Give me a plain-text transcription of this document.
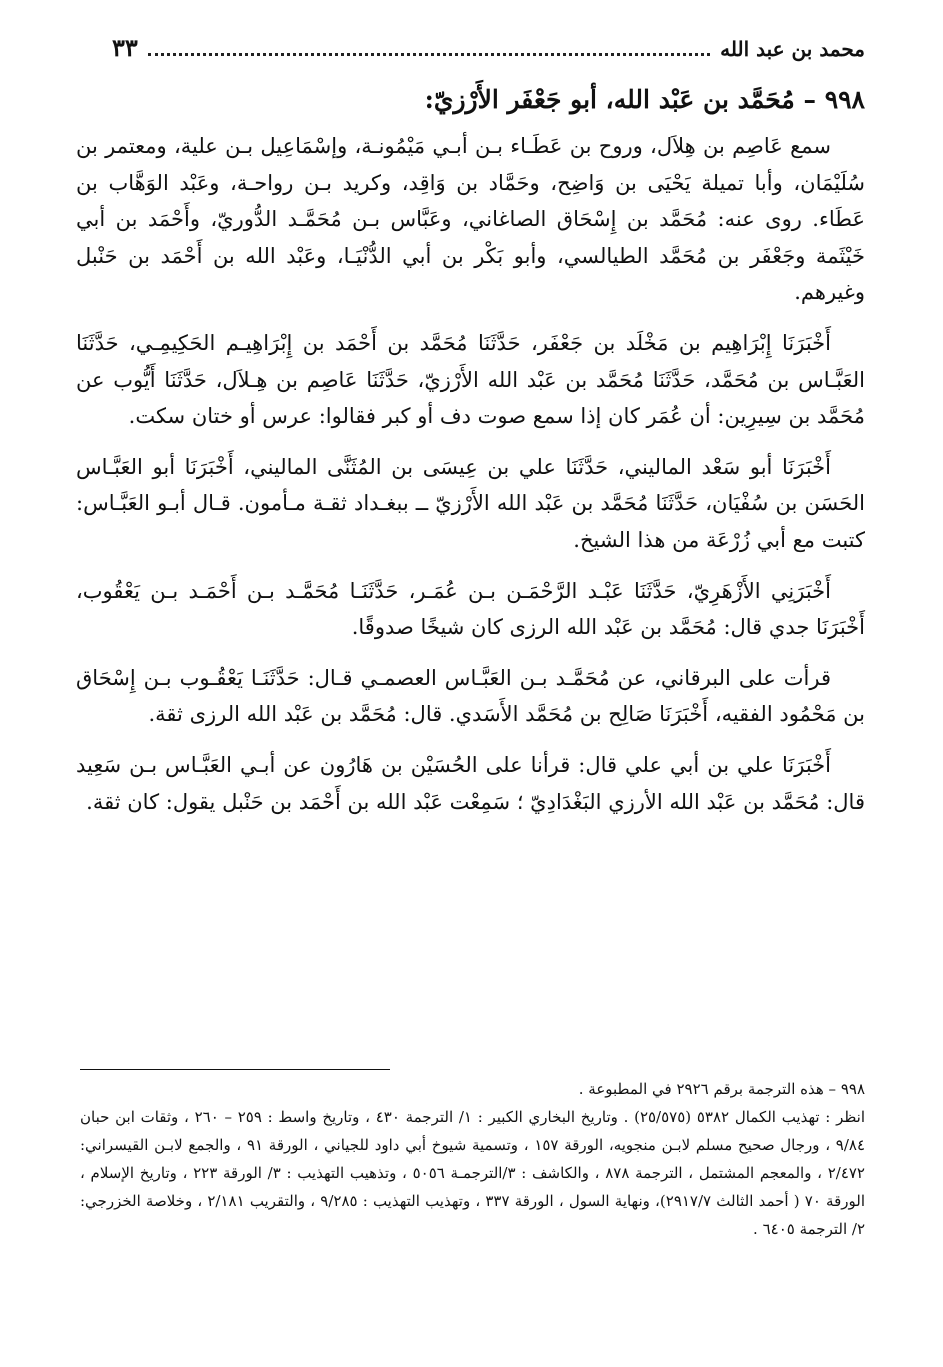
محمد بن عبد الله
٣٣
٩٩٨ – مُحَمَّد بن عَبْد الله، أبو جَعْفَر الأَرْزيّ:

سمع عَاصِم بن هِلاَل، وروح بن عَطَـاء بـن أبـي مَيْمُونـة، وإسْمَاعِيل بـن علية، ومعتمر بن سُلَيْمَان، وأبا تميلة يَحْيَى بن وَاضِح، وحَمَّاد بن وَاقِد، وكريد بـن رواحـة، وعَبْد الوَهَّاب بن عَطَاء. روى عنه: مُحَمَّد بن إِسْحَاق الصاغاني، وعَبَّاس بـن مُحَمَّـد الدُّوريّ، وأَحْمَد بن أبي خَيْثَمة وجَعْفَر بن مُحَمَّد الطيالسي، وأبو بَكْر بن أبي الدُّنْيَـا، وعَبْد الله بن أَحْمَد بن حَنْبل وغيرهم.

أَخْبَرَنَا إِبْرَاهِيم بن مَخْلَد بن جَعْفَر، حَدَّثَنَا مُحَمَّد بن أَحْمَد بن إِبْرَاهِيـم الحَكِيمِـي، حَدَّثَنَا العَبَّـاس بن مُحَمَّد، حَدَّثَنَا مُحَمَّد بن عَبْد الله الأَرْزيّ، حَدَّثَنَا عَاصِم بن هِـلاَل، حَدَّثَنَا أَيُّوب عن مُحَمَّد بن سِيرِين: أن عُمَر كان إذا سمع صوت دف أو كبر فقالوا: عرس أو ختان سكت.

أَخْبَرَنَا أبو سَعْد الماليني، حَدَّثَنَا علي بن عِيسَى بن المُثَنَّى الماليني، أَخْبَرَنَا أبو العَبَّـاس الحَسَن بن سُفْيَان، حَدَّثَنَا مُحَمَّد بن عَبْد الله الأَرْزيّ ــ ببغـداد ثقـة مـأمون. قـال أبـو العَبَّـاس: كتبت مع أبي زُرْعَة من هذا الشيخ.

أَخْبَرَنِي الأَزْهَرِيّ، حَدَّثَنَا عَبْـد الرَّحْمَـن بـن عُمَـر، حَدَّثَنَـا مُحَمَّـد بـن أَحْمَـد بـن يَعْقُوب، أَخْبَرَنَا جدي قال: مُحَمَّد بن عَبْد الله الرزى كان شيخًا صدوقًا.

قرأت على البرقاني، عن مُحَمَّـد بـن العَبَّـاس العصمـي قـال: حَدَّثَنَـا يَعْقُـوب بـن إِسْحَاق بن مَحْمُود الفقيه، أَخْبَرَنَا صَالِح بن مُحَمَّد الأَسَدي. قال: مُحَمَّد بن عَبْد الله الرزى ثقة.

أَخْبَرَنَا علي بن أبي علي قال: قرأنا على الحُسَيْن بن هَارُون عن أبـي العَبَّـاس بـن سَعِيد قال: مُحَمَّد بن عَبْد الله الأرزي البَغْدَادِيّ ؛ سَمِعْت عَبْد الله بن أَحْمَد بن حَنْبل يقول: كان ثقة.

٩٩٨ – هذه الترجمة برقم ٢٩٢٦ في المطبوعة .

انظر : تهذيب الكمال ٥٣٨٢ (٢٥/٥٧٥) . وتاريخ البخاري الكبير : ١/ الترجمة ٤٣٠ ، وتاريخ واسط : ٢٥٩ – ٢٦٠ ، وثقات ابن حبان ٩/٨٤ ، ورجال صحيح مسلم لابـن منجويه، الورقة ١٥٧ ، وتسمية شيوخ أبي داود للجياني ، الورقة ٩١ ، والجمع لابـن القيسراني: ٢/٤٧٢ ، والمعجم المشتمل ، الترجمة ٨٧٨ ، والكاشف : ٣/الترجمـة ٥٠٥٦ ، وتذهيب التهذيب : ٣/ الورقة ٢٢٣ ، وتاريخ الإسلام ، الورقة ٧٠ ( أحمد الثالث ٢٩١٧/٧)، ونهاية السول ، الورقة ٣٣٧ ، وتهذيب التهذيب : ٩/٢٨٥ ، والتقريب ٢/١٨١ ، وخلاصة الخزرجي: ٢/ الترجمة ٦٤٠٥ .
